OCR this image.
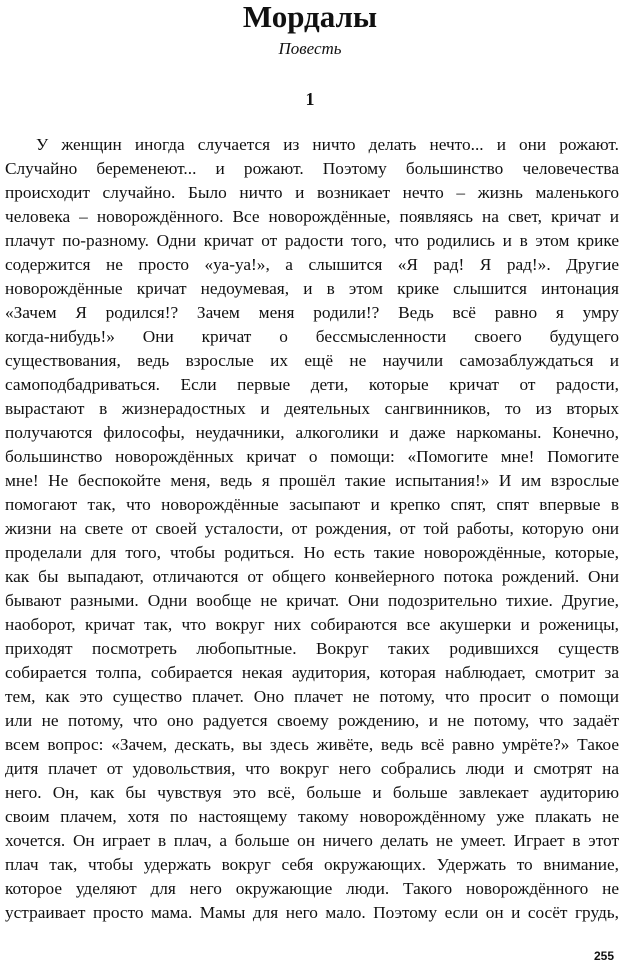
Мордалы
Повесть
1
У женщин иногда случается из ничто делать нечто... и они рожают.
Случайно беременеют... и рожают. Поэтому большинство человечества
происходит случайно. Было ничто и возникает нечто – жизнь маленького
человека – новорождённого. Все новорождённые, появляясь на свет, кричат и
плачут по-разному. Одни кричат от радости того, что родились и в этом крике
содержится не просто «уа-уа!», а слышится «Я рад! Я рад!». Другие
новорождённые кричат недоумевая, и в этом крике слышится интонация
«Зачем Я родился!? Зачем меня родили!? Ведь всё равно я умру
когда-нибудь!» Они кричат о бессмысленности своего будущего
существования, ведь взрослые их ещё не научили самозаблуждаться и
самоподбадриваться. Если первые дети, которые кричат от радости,
вырастают в жизнерадостных и деятельных сангвинников, то из вторых
получаются философы, неудачники, алкоголики и даже наркоманы. Конечно,
большинство новорождённых кричат о помощи: «Помогите мне! Помогите
мне! Не беспокойте меня, ведь я прошёл такие испытания!» И им взрослые
помогают так, что новорождённые засыпают и крепко спят, спят впервые в
жизни на свете от своей усталости, от рождения, от той работы, которую они
проделали для того, чтобы родиться. Но есть такие новорождённые, которые,
как бы выпадают, отличаются от общего конвейерного потока рождений. Они
бывают разными. Одни вообще не кричат. Они подозрительно тихие. Другие,
наоборот, кричат так, что вокруг них собираются все акушерки и роженицы,
приходят посмотреть любопытные. Вокруг таких родившихся существ
собирается толпа, собирается некая аудитория, которая наблюдает, смотрит за
тем, как это существо плачет. Оно плачет не потому, что просит о помощи
или не потому, что оно радуется своему рождению, и не потому, что задаёт
всем вопрос: «Зачем, дескать, вы здесь живёте, ведь всё равно умрёте?» Такое
дитя плачет от удовольствия, что вокруг него собрались люди и смотрят на
него. Он, как бы чувствуя это всё, больше и больше завлекает аудиторию
своим плачем, хотя по настоящему такому новорождённому уже плакать не
хочется. Он играет в плач, а больше он ничего делать не умеет. Играет в этот
плач так, чтобы удержать вокруг себя окружающих. Удержать то внимание,
которое уделяют для него окружающие люди. Такого новорождённого не
устраивает просто мама. Мамы для него мало. Поэтому если он и сосёт грудь,
255
